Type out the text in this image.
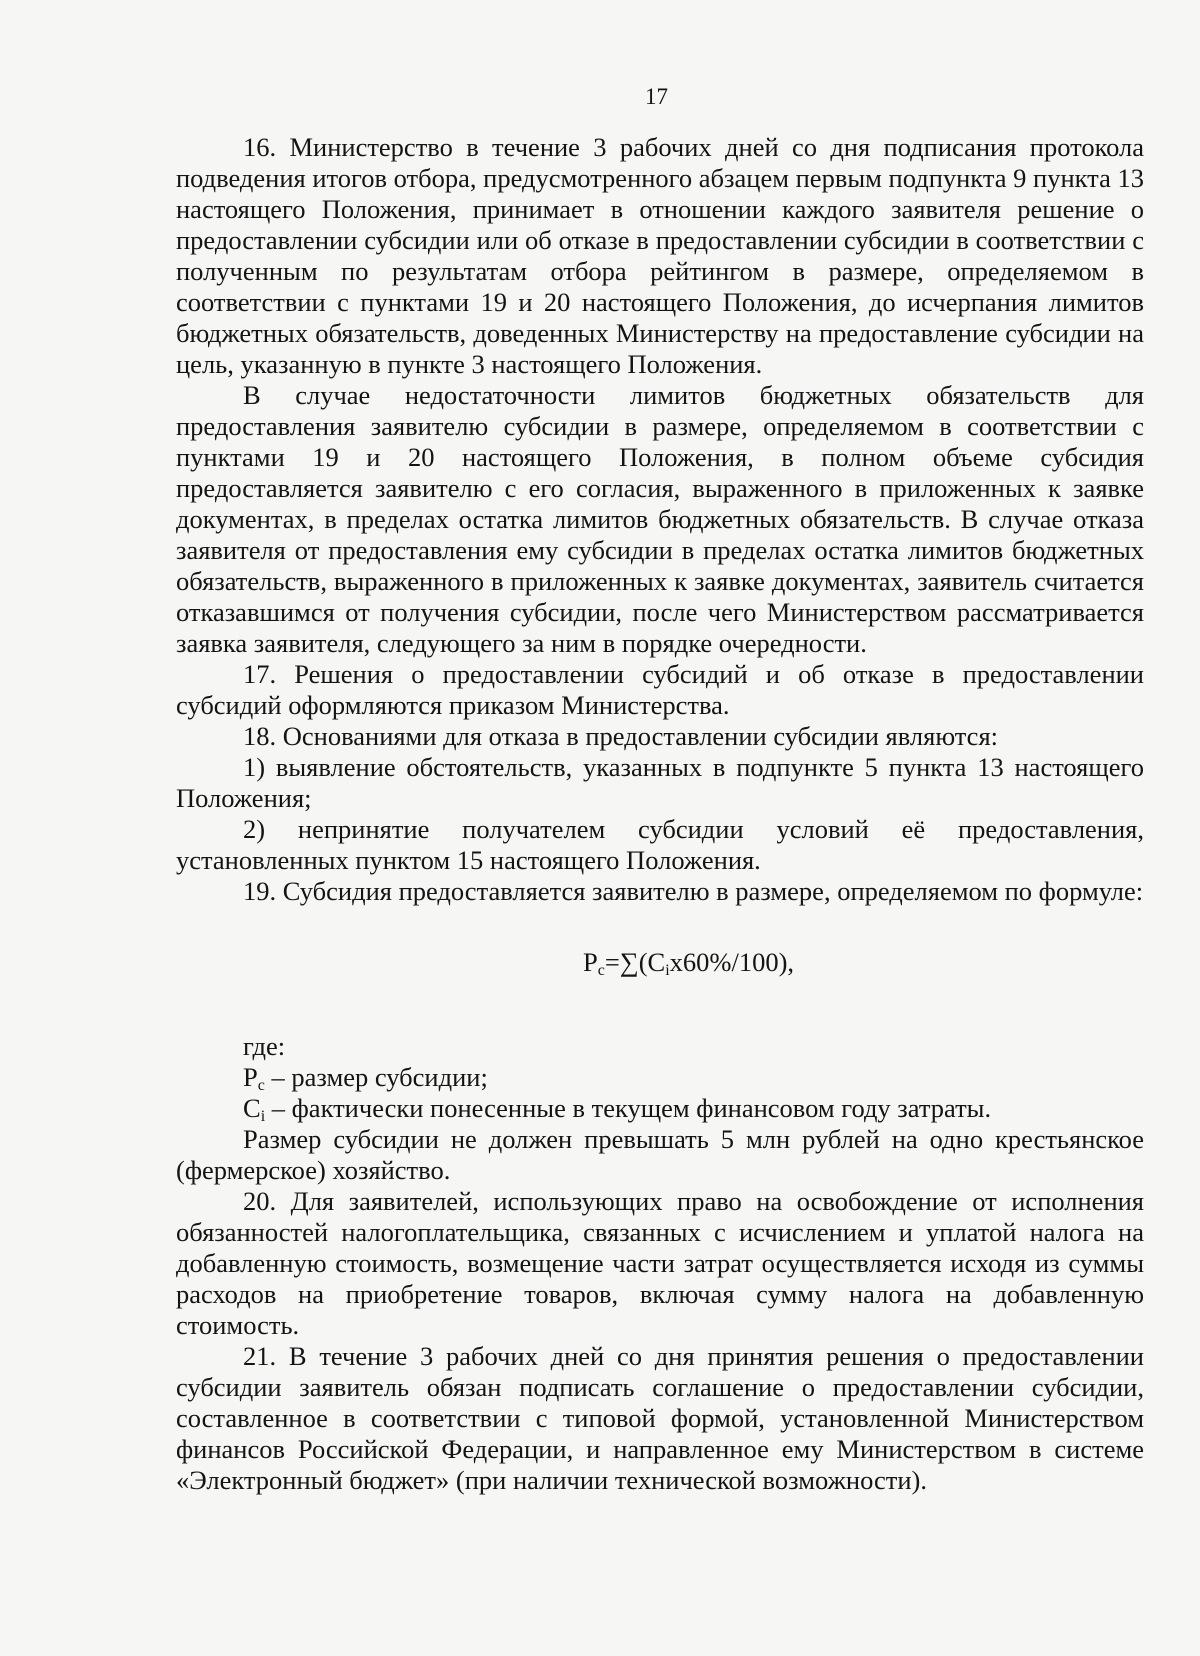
17

16. Министерство в течение 3 рабочих дней со дня подписания протокола подведения итогов отбора, предусмотренного абзацем первым подпункта 9 пункта 13 настоящего Положения, принимает в отношении каждого заявителя решение о предоставлении субсидии или об отказе в предоставлении субсидии в соответствии с полученным по результатам отбора рейтингом в размере, определяемом в соответствии с пунктами 19 и 20 настоящего Положения, до исчерпания лимитов бюджетных обязательств, доведенных Министерству на предоставление субсидии на цель, указанную в пункте 3 настоящего Положения.

В случае недостаточности лимитов бюджетных обязательств для предоставления заявителю субсидии в размере, определяемом в соответствии с пунктами 19 и 20 настоящего Положения, в полном объеме субсидия предоставляется заявителю с его согласия, выраженного в приложенных к заявке документах, в пределах остатка лимитов бюджетных обязательств. В случае отказа заявителя от предоставления ему субсидии в пределах остатка лимитов бюджетных обязательств, выраженного в приложенных к заявке документах, заявитель считается отказавшимся от получения субсидии, после чего Министерством рассматривается заявка заявителя, следующего за ним в порядке очередности.

17. Решения о предоставлении субсидий и об отказе в предоставлении субсидий оформляются приказом Министерства.

18. Основаниями для отказа в предоставлении субсидии являются:

1) выявление обстоятельств, указанных в подпункте 5 пункта 13 настоящего Положения;

2) непринятие получателем субсидии условий её предоставления, установленных пунктом 15 настоящего Положения.

19. Субсидия предоставляется заявителю в размере, определяемом по формуле:

$P_c=\sum(C_ix60\%/100)$,

где:

$P_c$ – размер субсидии;

$C_i$ – фактически понесенные в текущем финансовом году затраты.

Размер субсидии не должен превышать 5 млн рублей на одно крестьянское (фермерское) хозяйство.

20. Для заявителей, использующих право на освобождение от исполнения обязанностей налогоплательщика, связанных с исчислением и уплатой налога на добавленную стоимость, возмещение части затрат осуществляется исходя из суммы расходов на приобретение товаров, включая сумму налога на добавленную стоимость.

21. В течение 3 рабочих дней со дня принятия решения о предоставлении субсидии заявитель обязан подписать соглашение о предоставлении субсидии, составленное в соответствии с типовой формой, установленной Министерством финансов Российской Федерации, и направленное ему Министерством в системе «Электронный бюджет» (при наличии технической возможности).
